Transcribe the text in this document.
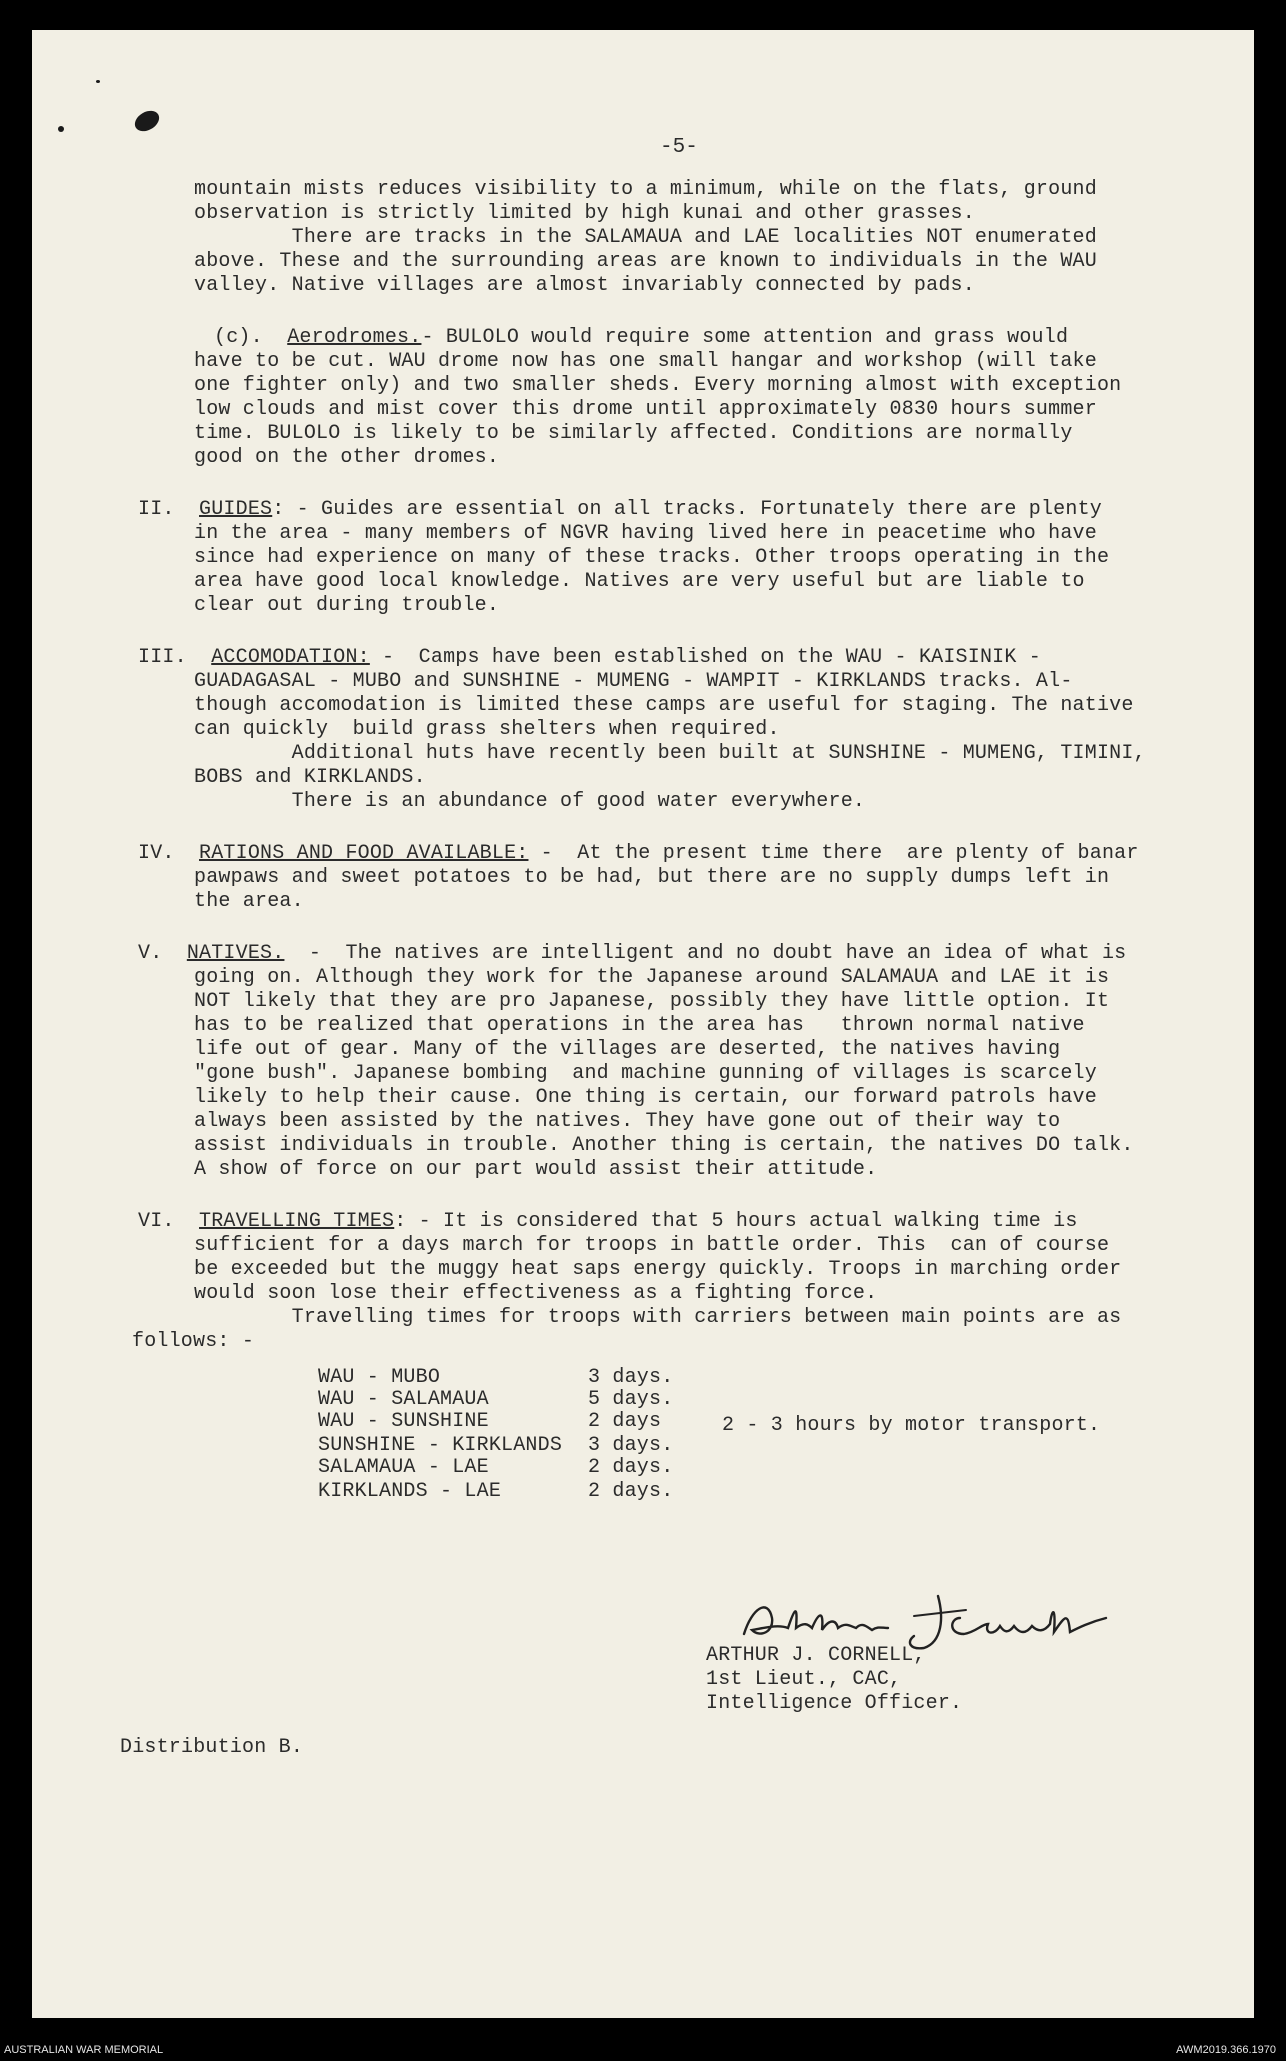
-5-
mountain mists reduces visibility to a minimum, while on the flats, ground
observation is strictly limited by high kunai and other grasses.
There are tracks in the SALAMAUA and LAE localities NOT enumerated
above. These and the surrounding areas are known to individuals in the WAU
valley. Native villages are almost invariably connected by pads.
(c). Aerodromes.- BULOLO would require some attention and grass would
have to be cut. WAU drome now has one small hangar and workshop (will take
one fighter only) and two smaller sheds. Every morning almost with exception
low clouds and mist cover this drome until approximately 0830 hours summer
time. BULOLO is likely to be similarly affected. Conditions are normally
good on the other dromes.
II. GUIDES: - Guides are essential on all tracks. Fortunately there are plenty
in the area - many members of NGVR having lived here in peacetime who have
since had experience on many of these tracks. Other troops operating in the
area have good local knowledge. Natives are very useful but are liable to
clear out during trouble.
III. ACCOMODATION: -  Camps have been established on the WAU - KAISINIK -
GUADAGASAL - MUBO and SUNSHINE - MUMENG - WAMPIT - KIRKLANDS tracks. Al-
though accomodation is limited these camps are useful for staging. The native
can quickly  build grass shelters when required.
Additional huts have recently been built at SUNSHINE - MUMENG, TIMINI,
BOBS and KIRKLANDS.
There is an abundance of good water everywhere.
IV. RATIONS AND FOOD AVAILABLE: -  At the present time there  are plenty of banar
pawpaws and sweet potatoes to be had, but there are no supply dumps left in
the area.
V. NATIVES.  -  The natives are intelligent and no doubt have an idea of what is
going on. Although they work for the Japanese around SALAMAUA and LAE it is
NOT likely that they are pro Japanese, possibly they have little option. It
has to be realized that operations in the area has   thrown normal native
life out of gear. Many of the villages are deserted, the natives having
"gone bush". Japanese bombing  and machine gunning of villages is scarcely
likely to help their cause. One thing is certain, our forward patrols have
always been assisted by the natives. They have gone out of their way to
assist individuals in trouble. Another thing is certain, the natives DO talk.
A show of force on our part would assist their attitude.
VI. TRAVELLING TIMES: - It is considered that 5 hours actual walking time is
sufficient for a days march for troops in battle order. This  can of course
be exceeded but the muggy heat saps energy quickly. Troops in marching order
would soon lose their effectiveness as a fighting force.
Travelling times for troops with carriers between main points are as
follows: -
WAU - MUBO	3 days.
WAU - SALAMAUA	5 days.
WAU - SUNSHINE	2 days	2 - 3 hours by motor transport.
SUNSHINE - KIRKLANDS 3 days.
SALAMAUA - LAE	2 days.
KIRKLANDS - LAE	2 days.
ARTHUR J. CORNELL,
1st Lieut., CAC,
Intelligence Officer.
Distribution B.
AUSTRALIAN WAR MEMORIAL	AWM2019.366.1970
